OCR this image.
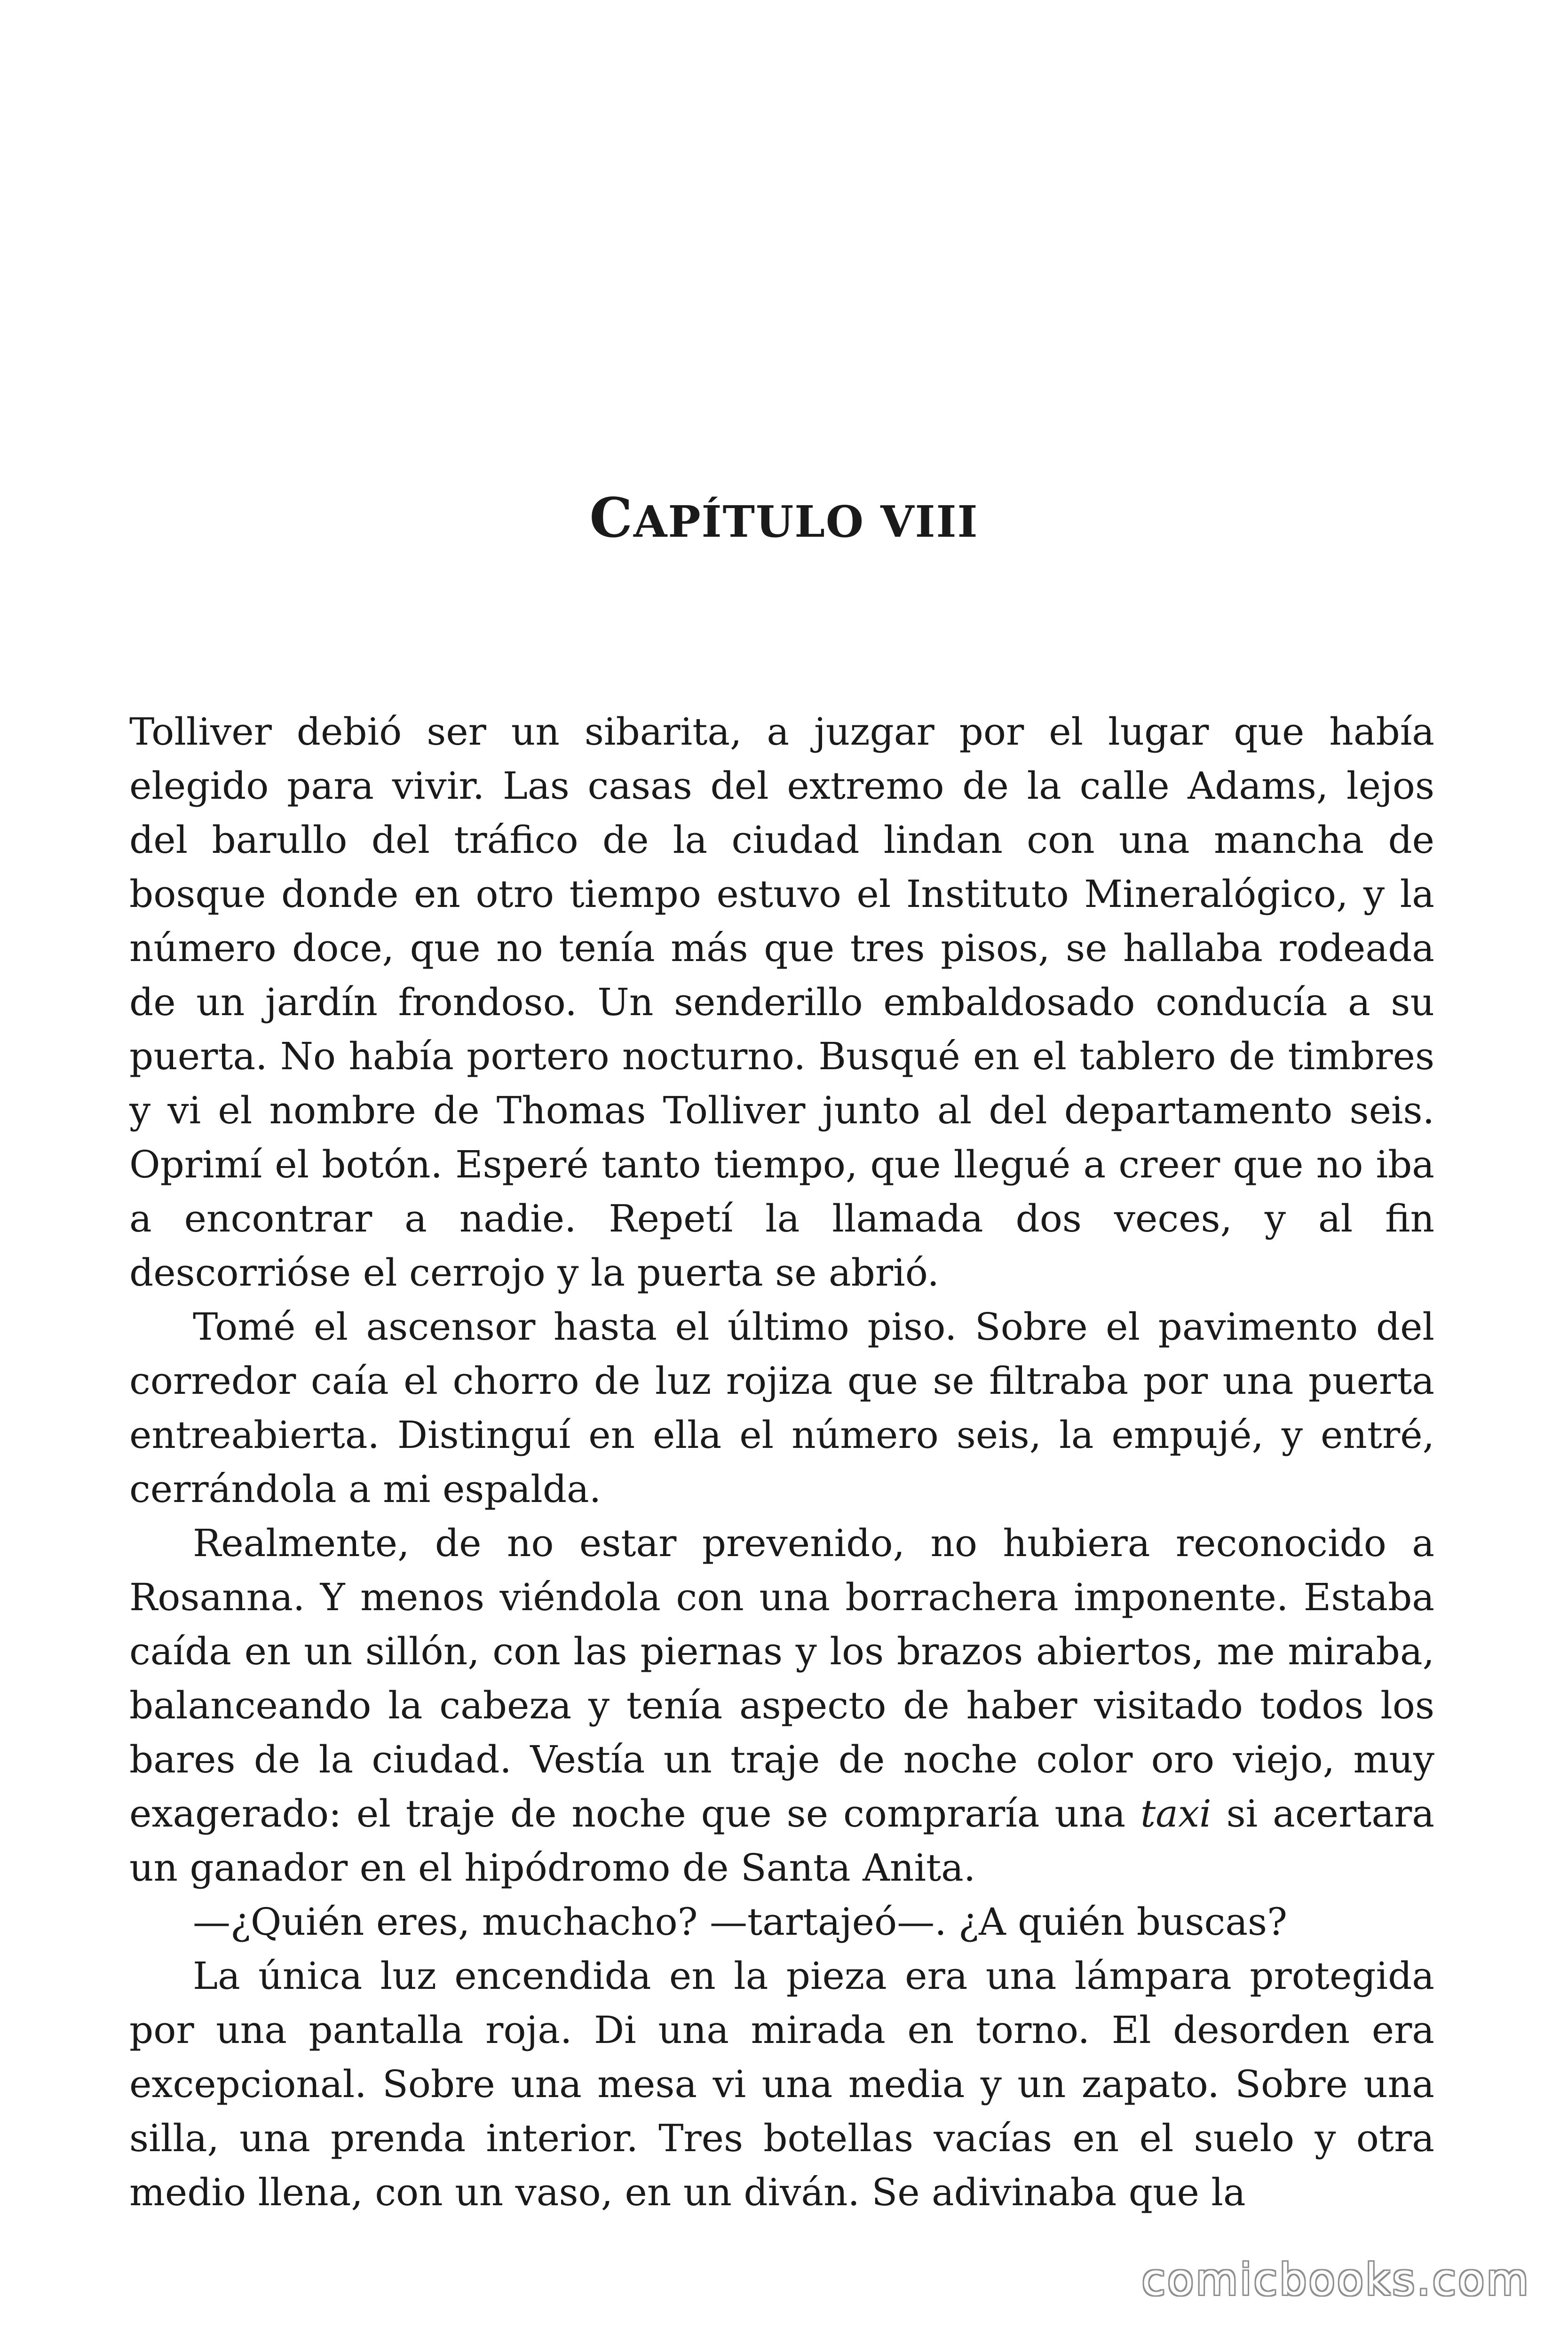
CAPÍTULO VIII

Tolliver debió ser un sibarita, a juzgar por el lugar que había elegido para vivir. Las casas del extremo de la calle Adams, lejos del barullo del tráfico de la ciudad lindan con una mancha de bosque donde en otro tiempo estuvo el Instituto Mineralógico, y la número doce, que no tenía más que tres pisos, se hallaba rodeada de un jardín frondoso. Un senderillo embaldosado conducía a su puerta. No había portero nocturno. Busqué en el tablero de timbres y vi el nombre de Thomas Tolliver junto al del departamento seis. Oprimí el botón. Esperé tanto tiempo, que llegué a creer que no iba a encontrar a nadie. Repetí la llamada dos veces, y al fin descorrióse el cerrojo y la puerta se abrió.

Tomé el ascensor hasta el último piso. Sobre el pavimento del corredor caía el chorro de luz rojiza que se filtraba por una puerta entreabierta. Distinguí en ella el número seis, la empujé, y entré, cerrándola a mi espalda.

Realmente, de no estar prevenido, no hubiera reconocido a Rosanna. Y menos viéndola con una borrachera imponente. Estaba caída en un sillón, con las piernas y los brazos abiertos, me miraba, balanceando la cabeza y tenía aspecto de haber visitado todos los bares de la ciudad. Vestía un traje de noche color oro viejo, muy exagerado: el traje de noche que se compraría una taxi si acertara un ganador en el hipódromo de Santa Anita.

—¿Quién eres, muchacho? —tartajeó—. ¿A quién buscas?

La única luz encendida en la pieza era una lámpara protegida por una pantalla roja. Di una mirada en torno. El desorden era excepcional. Sobre una mesa vi una media y un zapato. Sobre una silla, una prenda interior. Tres botellas vacías en el suelo y otra medio llena, con un vaso, en un diván. Se adivinaba que la

comicbooks.com
